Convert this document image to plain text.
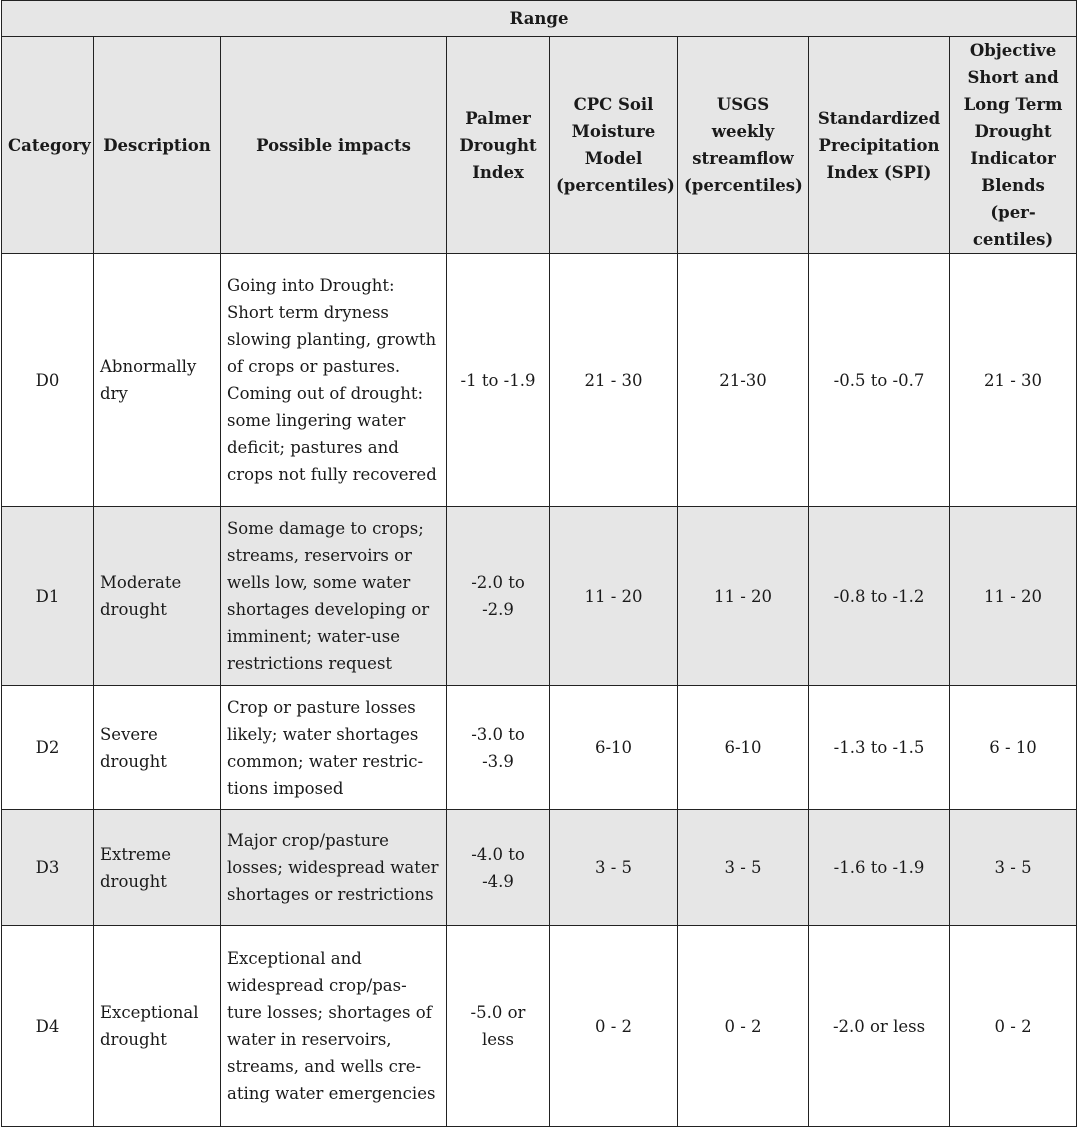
Range							
Category	Description	Possible impacts	Palmer Drought Index	CPC Soil Moisture Model (percentiles)	USGS weekly streamflow (percentiles)	Standardized Precipitation Index (SPI)	Objective Short and Long Term Drought Indicator Blends (per-centiles)
D0	Abnormally dry	Going into Drought: Short term dryness slowing planting, growth of crops or pastures. Coming out of drought: some lingering water deficit; pastures and crops not fully recovered	-1 to -1.9	21 - 30	21-30	-0.5 to -0.7	21 - 30
D1	Moderate drought	Some damage to crops; streams, reservoirs or wells low, some water shortages developing or imminent; water-use restrictions request	-2.0 to -2.9	11 - 20	11 - 20	-0.8 to -1.2	11 - 20
D2	Severe drought	Crop or pasture losses likely; water shortages common; water restric-tions imposed	-3.0 to -3.9	6-10	6-10	-1.3 to -1.5	6 - 10
D3	Extreme drought	Major crop/pasture losses; widespread water shortages or restrictions	-4.0 to -4.9	3 - 5	3 - 5	-1.6 to -1.9	3 - 5
D4	Exceptional drought	Exceptional and widespread crop/pas-ture losses; shortages of water in reservoirs, streams, and wells cre-ating water emergencies	-5.0 or less	0 - 2	0 - 2	-2.0 or less	0 - 2
